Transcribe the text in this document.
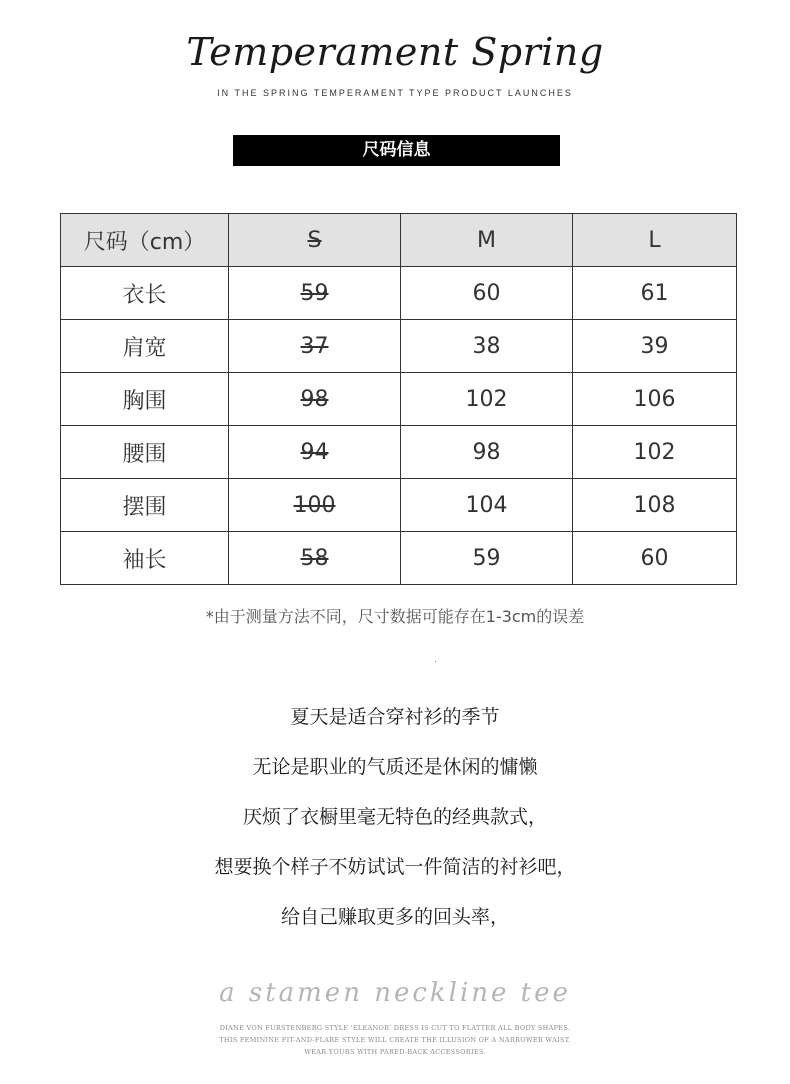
Temperament Spring
IN THE SPRING TEMPERAMENT TYPE PRODUCT LAUNCHES
尺码信息
尺码（cm）	S	M	L
衣长	59	60	61
肩宽	37	38	39
胸围	98	102	106
腰围	94	98	102
摆围	100	104	108
袖长	58	59	60
*由于测量方法不同，尺寸数据可能存在1-3cm的误差
·
夏天是适合穿衬衫的季节
无论是职业的气质还是休闲的慵懒
厌烦了衣橱里毫无特色的经典款式，
想要换个样子不妨试试一件简洁的衬衫吧，
给自己赚取更多的回头率，
a stamen neckline tee
DIANE VON FURSTENBERG STYLE 'ELEANOR' DRESS IS CUT TO FLATTER ALL BODY SHAPES.
THIS FEMININE FIT-AND-FLARE STYLE WILL CREATE THE ILLUSION OF A NARROWER WAIST.
WEAR YOURS WITH PARED-BACK ACCESSORIES.
